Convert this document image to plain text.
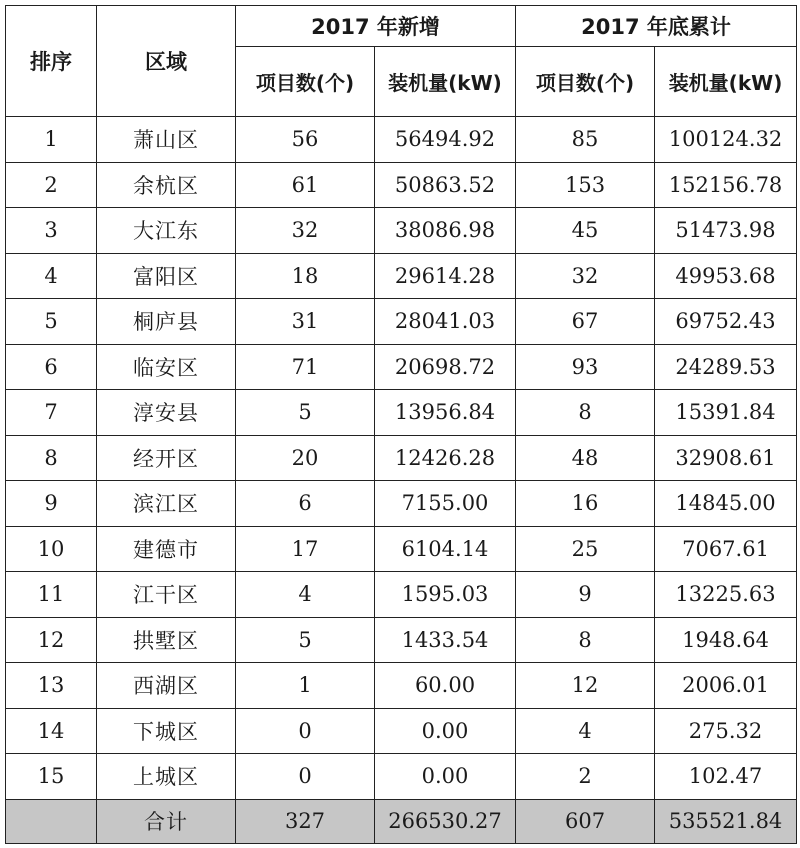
排序	区域	2017 年新增		2017 年底累计	
		项目数(个)	装机量(kW)	项目数(个)	装机量(kW)
1	萧山区	56	56494.92	85	100124.32
2	余杭区	61	50863.52	153	152156.78
3	大江东	32	38086.98	45	51473.98
4	富阳区	18	29614.28	32	49953.68
5	桐庐县	31	28041.03	67	69752.43
6	临安区	71	20698.72	93	24289.53
7	淳安县	5	13956.84	8	15391.84
8	经开区	20	12426.28	48	32908.61
9	滨江区	6	7155.00	16	14845.00
10	建德市	17	6104.14	25	7067.61
11	江干区	4	1595.03	9	13225.63
12	拱墅区	5	1433.54	8	1948.64
13	西湖区	1	60.00	12	2006.01
14	下城区	0	0.00	4	275.32
15	上城区	0	0.00	2	102.47
	合计	327	266530.27	607	535521.84
